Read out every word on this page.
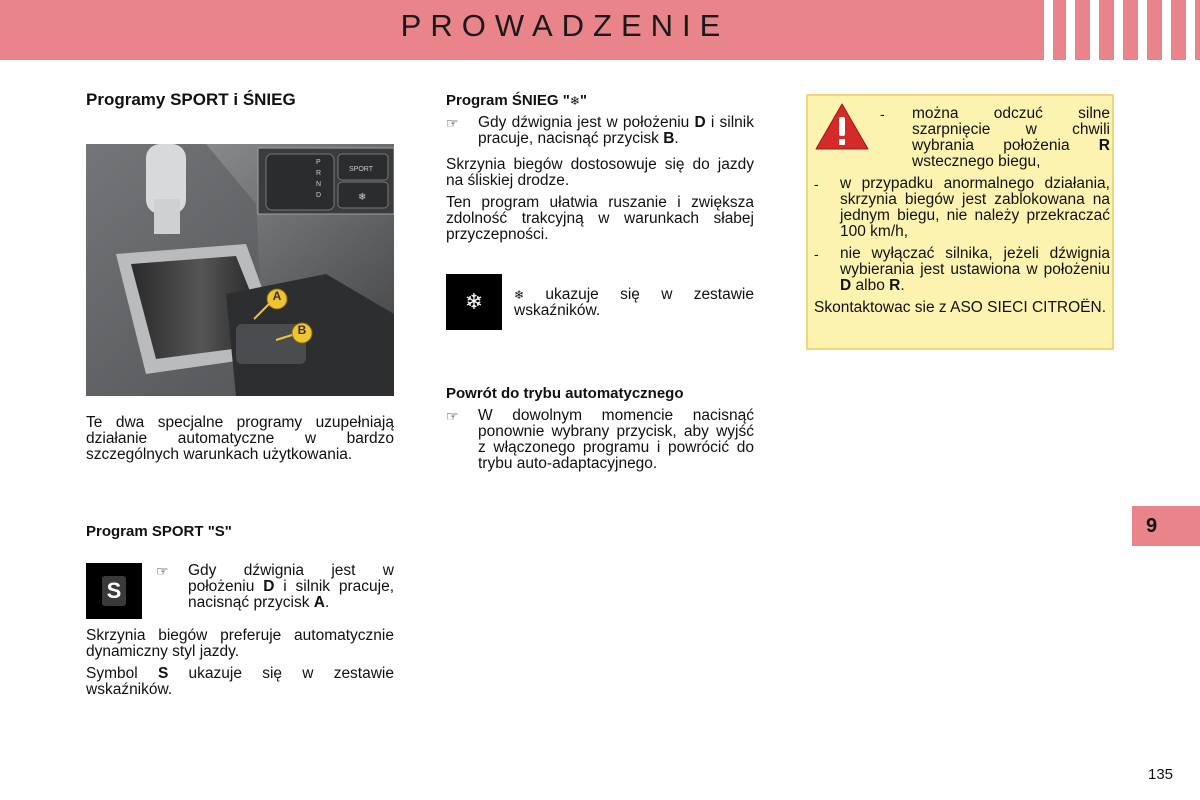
PROWADZENIE
Programy SPORT i ŚNIEG
SPORT
❄
P
R
N
D
A
B

Te dwa specjalne programy uzupełniają działanie automatyczne w bardzo szczególnych warunkach użytkowania.

Program SPORT "S"
S
☞	Gdy dźwignia jest w położeniu D i silnik pracuje, nacisnąć przycisk A.

Skrzynia biegów preferuje automatycznie dynamiczny styl jazdy.

Symbol S ukazuje się w zestawie wskaźników.

Program ŚNIEG "❄"
☞	Gdy dźwignia jest w położeniu D i silnik pracuje, nacisnąć przycisk B.

Skrzynia biegów dostosowuje się do jazdy na śliskiej drodze.

Ten program ułatwia ruszanie i zwiększa zdolność trakcyjną w warunkach słabej przyczepności.

❄	❄ ukazuje się w zestawie wskaźników.

Powrót do trybu automatycznego
☞	W dowolnym momencie nacisnąć ponownie wybrany przycisk, aby wyjść z włączonego programu i powrócić do trybu auto-adaptacyjnego.
-	można odczuć silne szarpnięcie w chwili wybrania położenia R wstecznego biegu,
-	w przypadku anormalnego działania, skrzynia biegów jest zablokowana na jednym biegu, nie należy przekraczać 100 km/h,
-	nie wyłączać silnika, jeżeli dźwignia wybierania jest ustawiona w położeniu D albo R.

Skontaktowac sie z ASO SIECI CITROËN.

9
135
